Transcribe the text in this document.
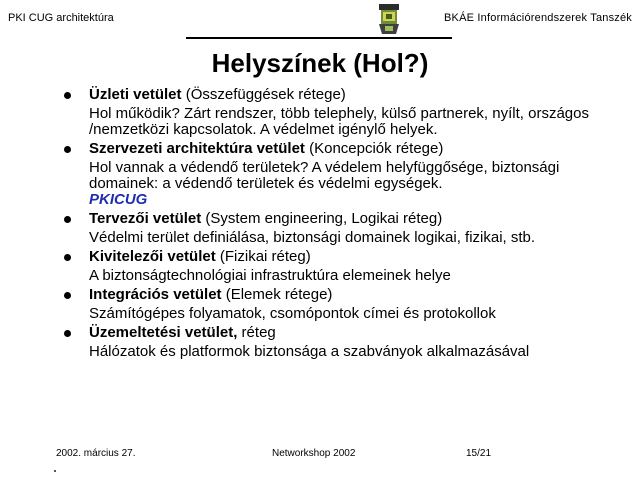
PKI CUG architektúra	BKÁE Információrendszerek Tanszék
Helyszínek (Hol?)
Üzleti vetület (Összefüggések rétege)
Hol működik? Zárt rendszer, több telephely, külső partnerek, nyílt, országos /nemzetközi kapcsolatok. A védelmet igénylő helyek.
Szervezeti architektúra vetület (Koncepciók rétege)
Hol vannak a védendő területek? A védelem helyfüggősége, biztonsági domainek: a védendő területek és védelmi egységek.
PKICUG
Tervezői vetület (System engineering, Logikai réteg)
Védelmi terület definiálása, biztonsági domainek logikai, fizikai, stb.
Kivitelezői vetület (Fizikai réteg)
A biztonságtechnológiai infrastruktúra elemeinek helye
Integrációs vetület (Elemek rétege)
Számítógépes folyamatok, csomópontok címei és protokollok
Üzemeltetési vetület, réteg
Hálózatok és platformok biztonsága a szabványok alkalmazásával
2002. március 27.	Networkshop 2002	15/21
